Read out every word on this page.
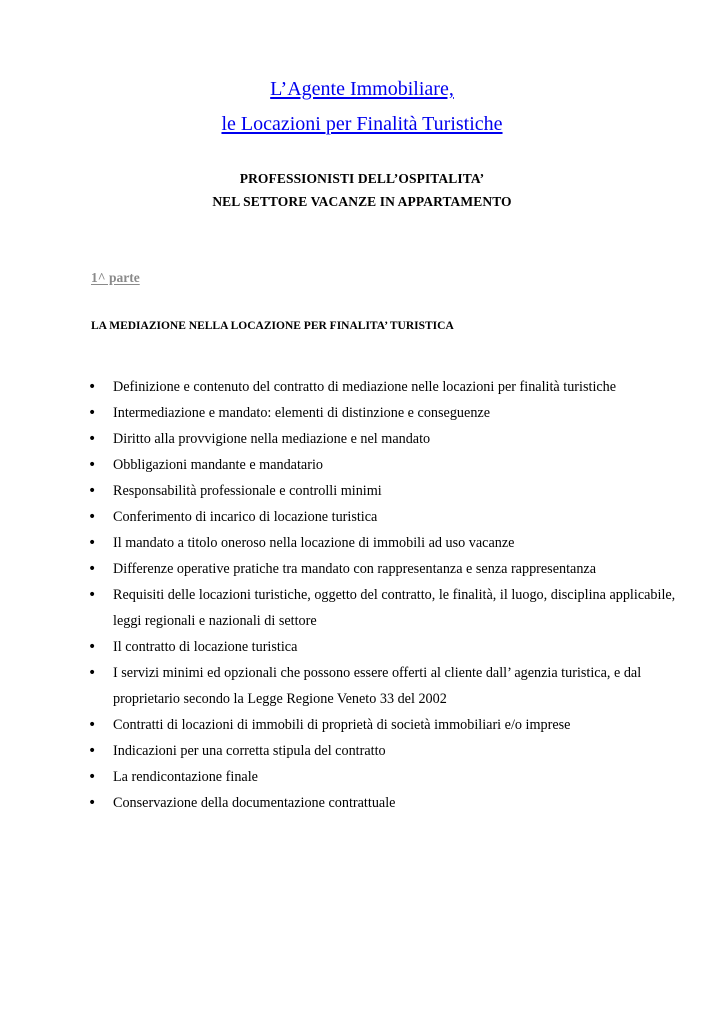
L’Agente Immobiliare,
le Locazioni per Finalità Turistiche
PROFESSIONISTI DELL’OSPITALITA’
NEL SETTORE VACANZE IN APPARTAMENTO
1^ parte
LA MEDIAZIONE NELLA LOCAZIONE PER FINALITA’ TURISTICA
• Definizione e contenuto del contratto di mediazione nelle locazioni per finalità turistiche
• Intermediazione e mandato: elementi di distinzione e conseguenze
• Diritto alla provvigione nella mediazione e nel mandato
• Obbligazioni mandante e mandatario
• Responsabilità professionale e controlli minimi
• Conferimento di incarico di locazione turistica
• Il mandato a titolo oneroso nella locazione di immobili ad uso vacanze
• Differenze operative pratiche tra mandato con rappresentanza e senza rappresentanza
• Requisiti delle locazioni turistiche, oggetto del contratto, le finalità, il luogo, disciplina applicabile, leggi regionali e nazionali di settore
• Il contratto di locazione turistica
• I servizi minimi ed opzionali che possono essere offerti al cliente dall’ agenzia turistica, e dal proprietario secondo la Legge Regione Veneto 33 del 2002
• Contratti di locazioni di immobili di proprietà di società immobiliari e/o imprese
• Indicazioni per una corretta stipula del contratto
• La rendicontazione finale
• Conservazione della documentazione contrattuale
